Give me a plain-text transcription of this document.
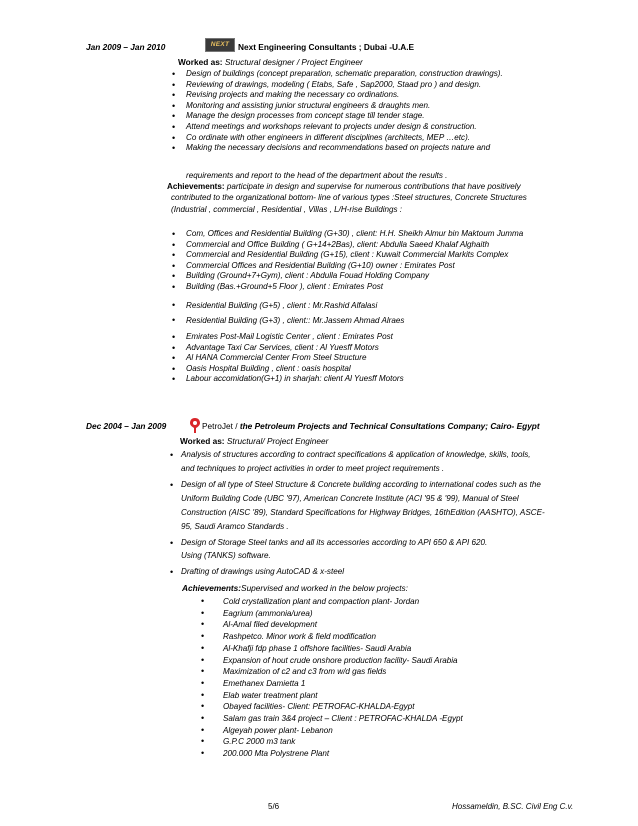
Jan 2009 – Jan 2010	NEXT	Next Engineering Consultants ; Dubai -U.A.E
Worked as: Structural designer / Project Engineer
• Design of buildings (concept preparation, schematic preparation, construction drawings).
• Reviewing of drawings, modeling ( Etabs, Safe , Sap2000, Staad pro ) and design.
• Revising projects and making the necessary co ordinations.
• Monitoring and assisting junior structural engineers & draughts men.
• Manage the design processes from concept stage till tender stage.
• Attend meetings and workshops relevant to projects under design & construction.
• Co ordinate with other engineers in different disciplines (architects, MEP …etc).
• Making the necessary decisions and recommendations based on projects nature and
requirements and report to the head of the department about the results .
Achievements: participate in design and supervise for numerous contributions that have positively
contributed to the organizational bottom- line of various types :Steel structures, Concrete Structures
(Industrial , commercial , Residential , Villas , L/H-rise Buildings :
• Com, Offices and Residential Building (G+30) , client: H.H. Sheikh Almur bin Maktoum Jumma
• Commercial and Office Building ( G+14+2Bas), client: Abdulla Saeed Khalaf Alghaith
• Commercial and Residential Building (G+15), client : Kuwait Commercial Markits Complex
• Commercial Offices and Residential Building (G+10) owner : Emirates Post
• Building (Ground+7+Gym), client : Abdulla Fouad Holding Company
• Building (Bas.+Ground+5 Floor ), client : Emirates Post
• Residential Building (G+5) , client : Mr.Rashid Alfalasi
• Residential Building (G+3) , client:: Mr.Jassem Ahmad Alraes
• Emirates Post-Mail Logistic Center , client : Emirates Post
• Advantage Taxi Car Services, client : Al Yuesff Motors
• Al HANA Commercial Center From Steel Structure
• Oasis Hospital Building , client : oasis hospital
• Labour accomidation(G+1) in sharjah: client Al Yuesff Motors
Dec 2004 – Jan 2009	PetroJet / the Petroleum Projects and Technical Consultations Company; Cairo- Egypt
Worked as: Structural/ Project Engineer
• Analysis of structures according to contract specifications & application of knowledge, skills, tools,
and techniques to project activities in order to meet project requirements .
• Design of all type of Steel Structure & Concrete building according to international codes such as the
Uniform Building Code (UBC '97), American Concrete Institute (ACI '95 & '99), Manual of Steel
Construction (AISC '89), Standard Specifications for Highway Bridges, 16thEdition (AASHTO), ASCE-
95, Saudi Aramco Standards .
• Design of Storage Steel tanks and all its accessories according to API 650 & API 620.
Using (TANKS) software.
• Drafting of drawings using AutoCAD & x-steel
Achievements:Supervised and worked in the below projects:
• Cold crystallization plant and compaction plant- Jordan
• Eagrium (ammonia/urea)
• Al-Amal filed development
• Rashpetco. Minor work & field modification
• Al-Khafji fdp phase 1 offshore facilities- Saudi Arabia
• Expansion of hout crude onshore production facility- Saudi Arabia
• Maximization of c2 and c3 from w/d gas fields
• Emethanex Damietta 1
• Elab water treatment plant
• Obayed facilities- Client: PETROFAC-KHALDA-Egypt
• Salam gas train 3&4 project – Client : PETROFAC-KHALDA -Egypt
• Algeyah power plant- Lebanon
• G.P.C 2000 m3 tank
• 200.000 Mta Polystrene Plant
5/6	Hossameldin, B.SC. Civil Eng C.v.
